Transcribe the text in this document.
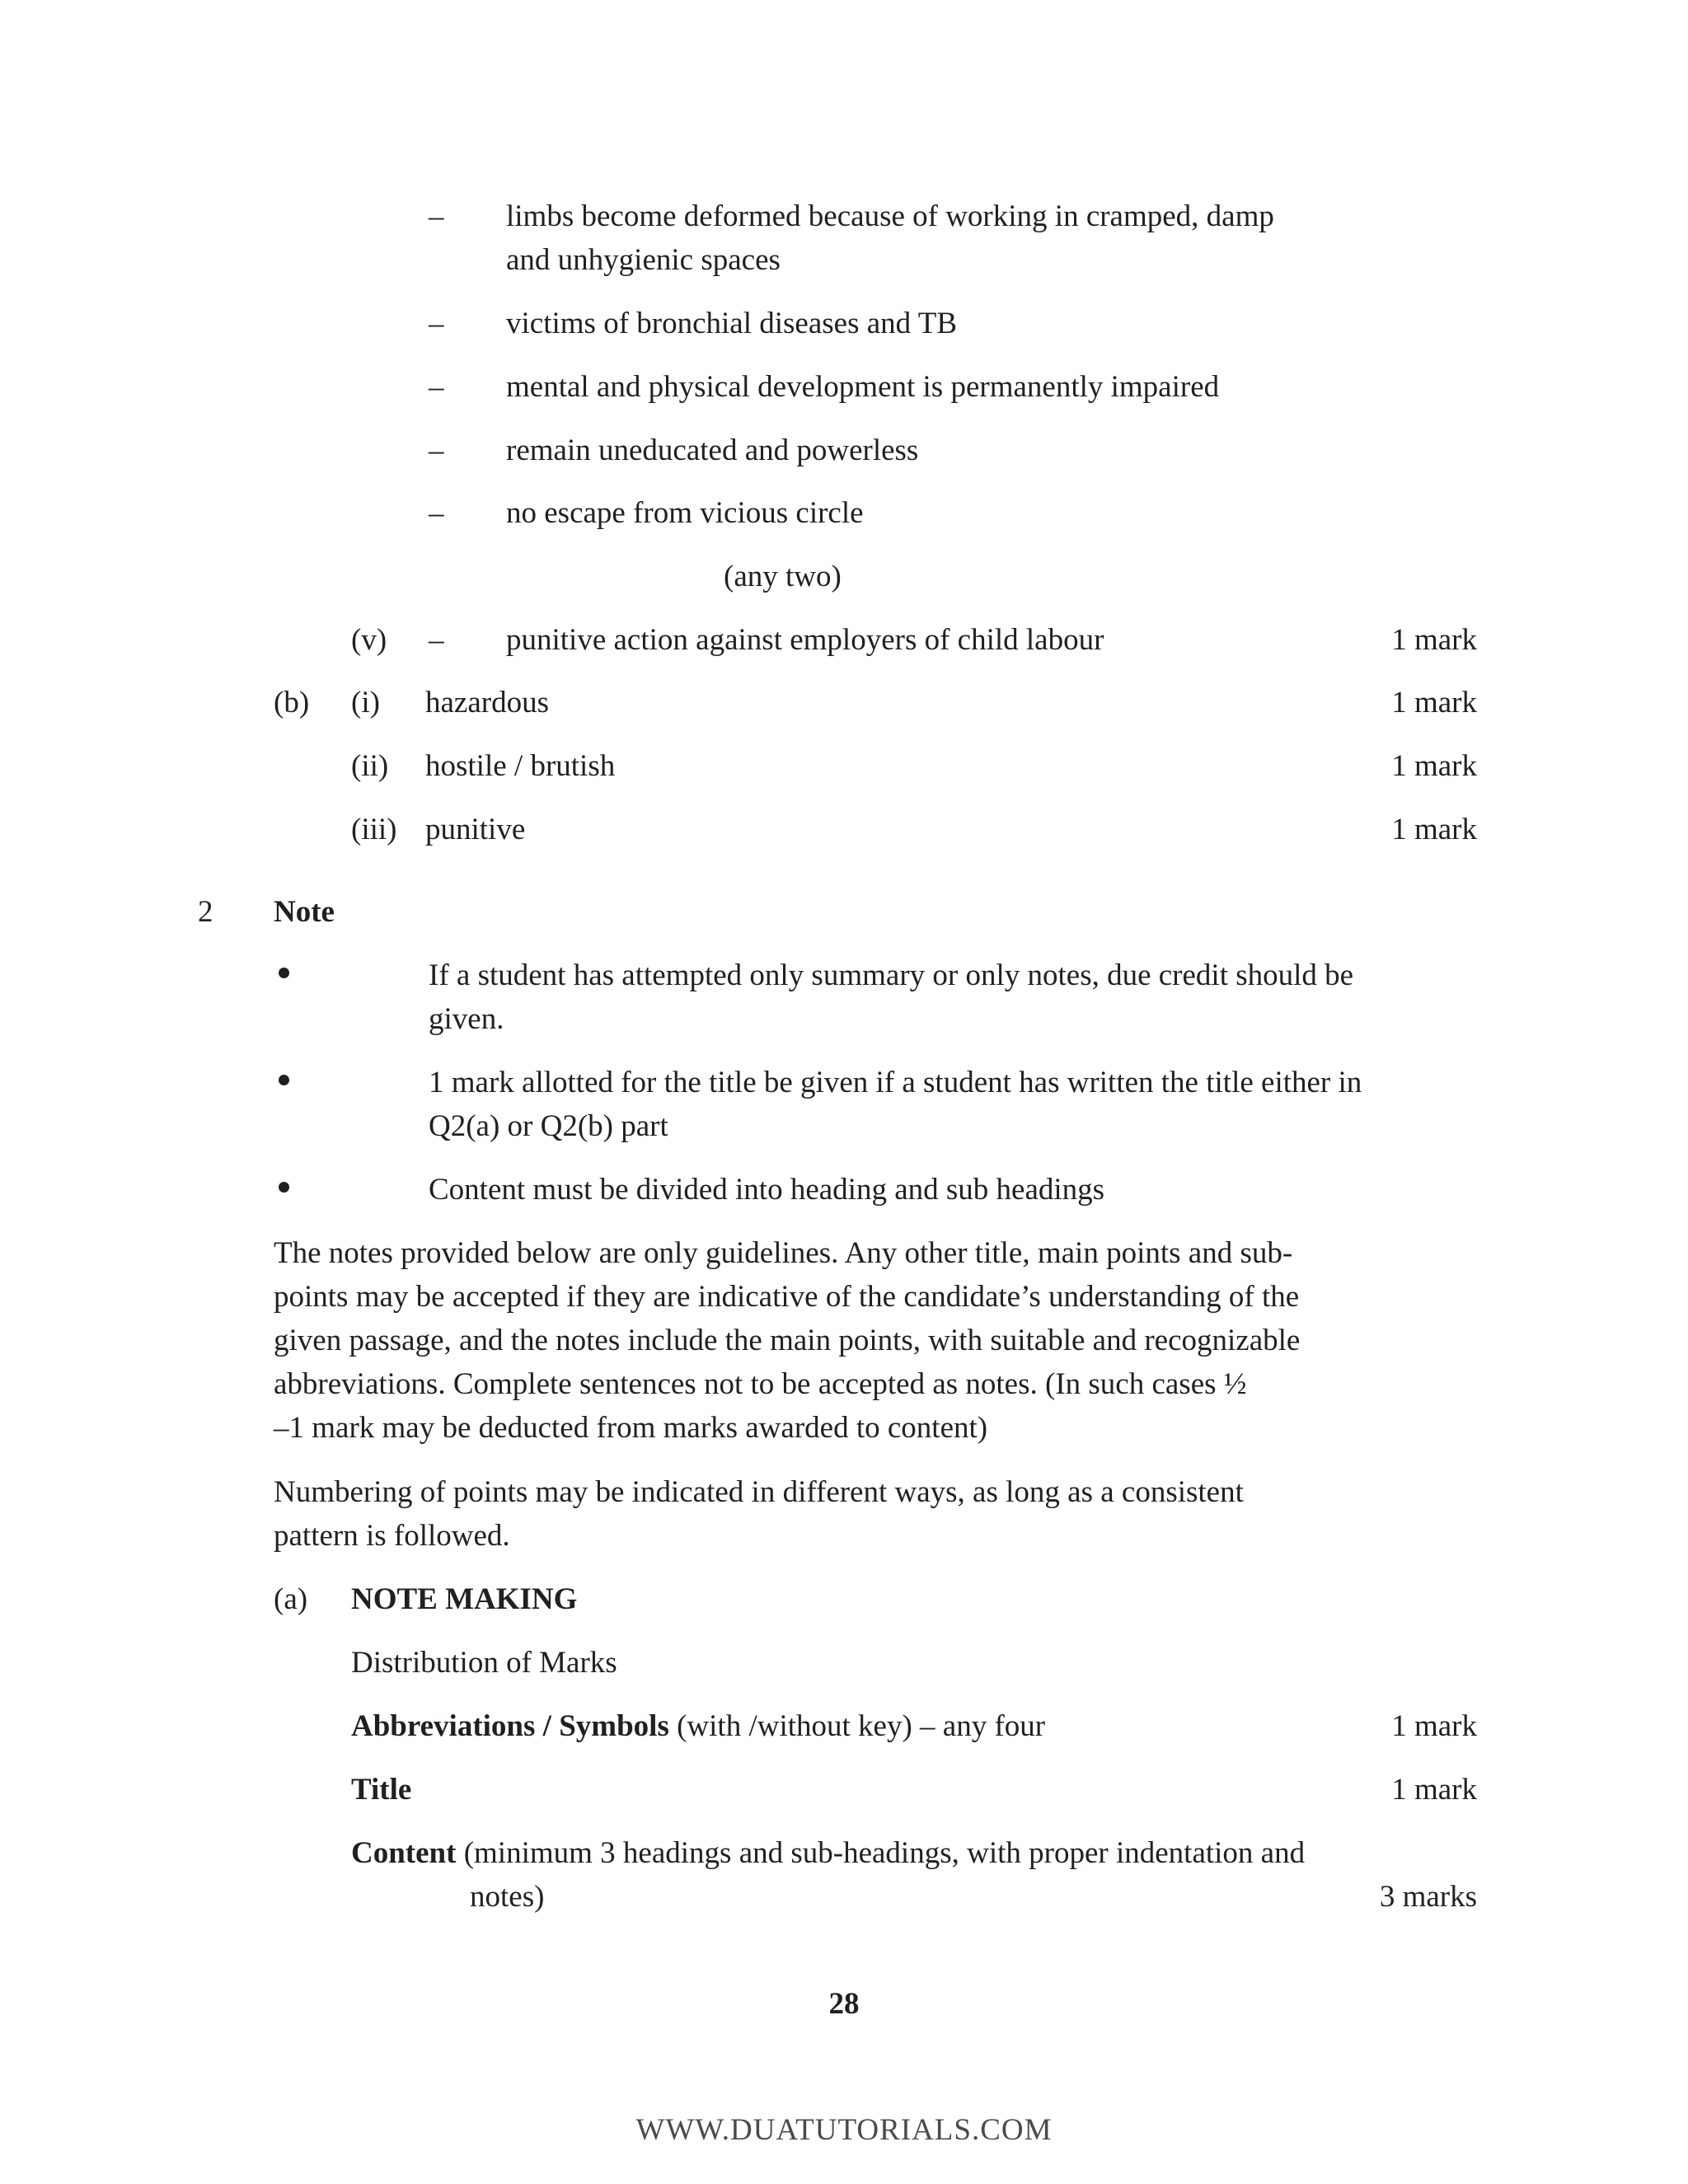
– limbs become deformed because of working in cramped, damp
and unhygienic spaces
– victims of bronchial diseases and TB
– mental and physical development is permanently impaired
– remain uneducated and powerless
– no escape from vicious circle
(any two)
(v) – punitive action against employers of child labour	1 mark
(b) (i) hazardous	1 mark
(ii) hostile / brutish	1 mark
(iii) punitive	1 mark
2 Note
If a student has attempted only summary or only notes, due credit should be
given.
1 mark allotted for the title be given if a student has written the title either in
Q2(a) or Q2(b) part
Content must be divided into heading and sub headings
The notes provided below are only guidelines. Any other title, main points and sub-
points may be accepted if they are indicative of the candidate’s understanding of the
given passage, and the notes include the main points, with suitable and recognizable
abbreviations. Complete sentences not to be accepted as notes. (In such cases ½
–1 mark may be deducted from marks awarded to content)
Numbering of points may be indicated in different ways, as long as a consistent
pattern is followed.
(a) NOTE MAKING
Distribution of Marks
Abbreviations / Symbols (with /without key) – any four	1 mark
Title	1 mark
Content (minimum 3 headings and sub-headings, with proper indentation and
notes)	3 marks
28
WWW.DUATUTORIALS.COM
